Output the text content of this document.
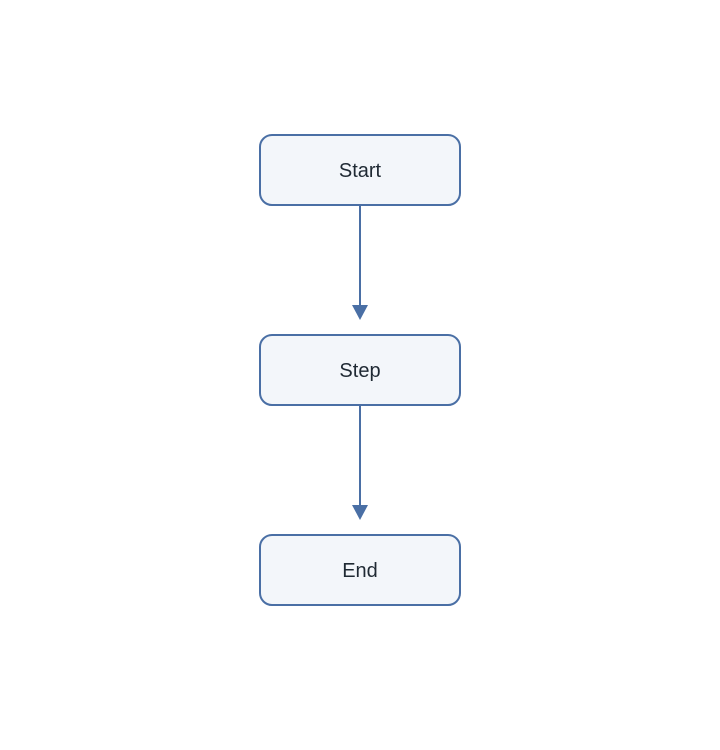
Start
Step
End
